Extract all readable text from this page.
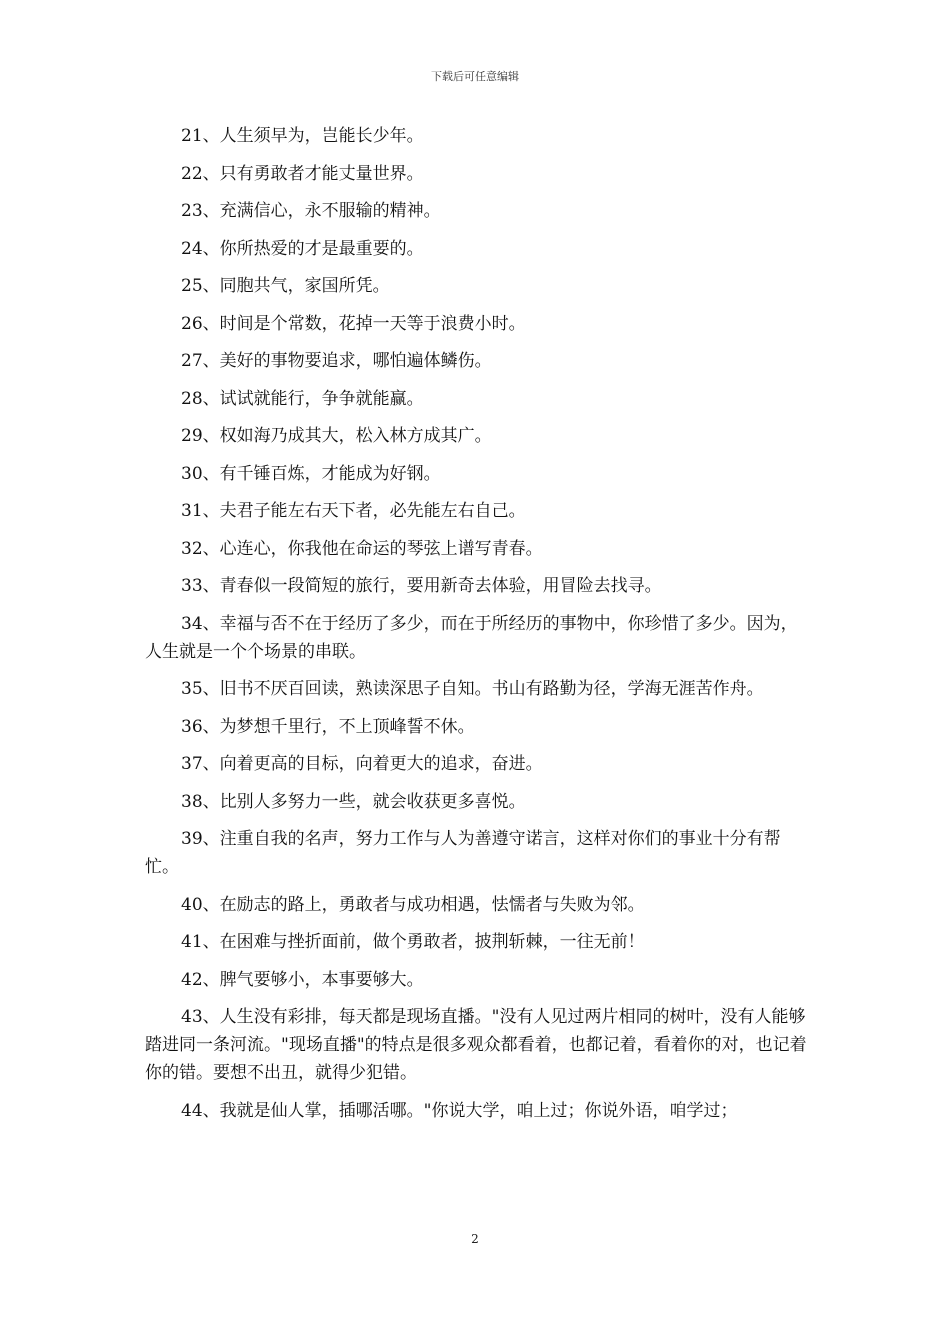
下载后可任意编辑

21、人生须早为，岂能长少年。

22、只有勇敢者才能丈量世界。

23、充满信心，永不服输的精神。

24、你所热爱的才是最重要的。

25、同胞共气，家国所凭。

26、时间是个常数，花掉一天等于浪费小时。

27、美好的事物要追求，哪怕遍体鳞伤。

28、试试就能行，争争就能赢。

29、权如海乃成其大，松入林方成其广。

30、有千锤百炼，才能成为好钢。

31、夫君子能左右天下者，必先能左右自己。

32、心连心，你我他在命运的琴弦上谱写青春。

33、青春似一段简短的旅行，要用新奇去体验，用冒险去找寻。

34、幸福与否不在于经历了多少，而在于所经历的事物中，你珍惜了多少。因为，人生就是一个个场景的串联。

35、旧书不厌百回读，熟读深思子自知。书山有路勤为径，学海无涯苦作舟。

36、为梦想千里行，不上顶峰誓不休。

37、向着更高的目标，向着更大的追求，奋进。

38、比别人多努力一些，就会收获更多喜悦。

39、注重自我的名声，努力工作与人为善遵守诺言，这样对你们的事业十分有帮忙。

40、在励志的路上，勇敢者与成功相遇，怯懦者与失败为邻。

41、在困难与挫折面前，做个勇敢者，披荆斩棘，一往无前！

42、脾气要够小，本事要够大。

43、人生没有彩排，每天都是现场直播。"没有人见过两片相同的树叶，没有人能够踏进同一条河流。"现场直播"的特点是很多观众都看着，也都记着，看着你的对，也记着你的错。要想不出丑，就得少犯错。

44、我就是仙人掌，插哪活哪。"你说大学，咱上过；你说外语，咱学过；

2
